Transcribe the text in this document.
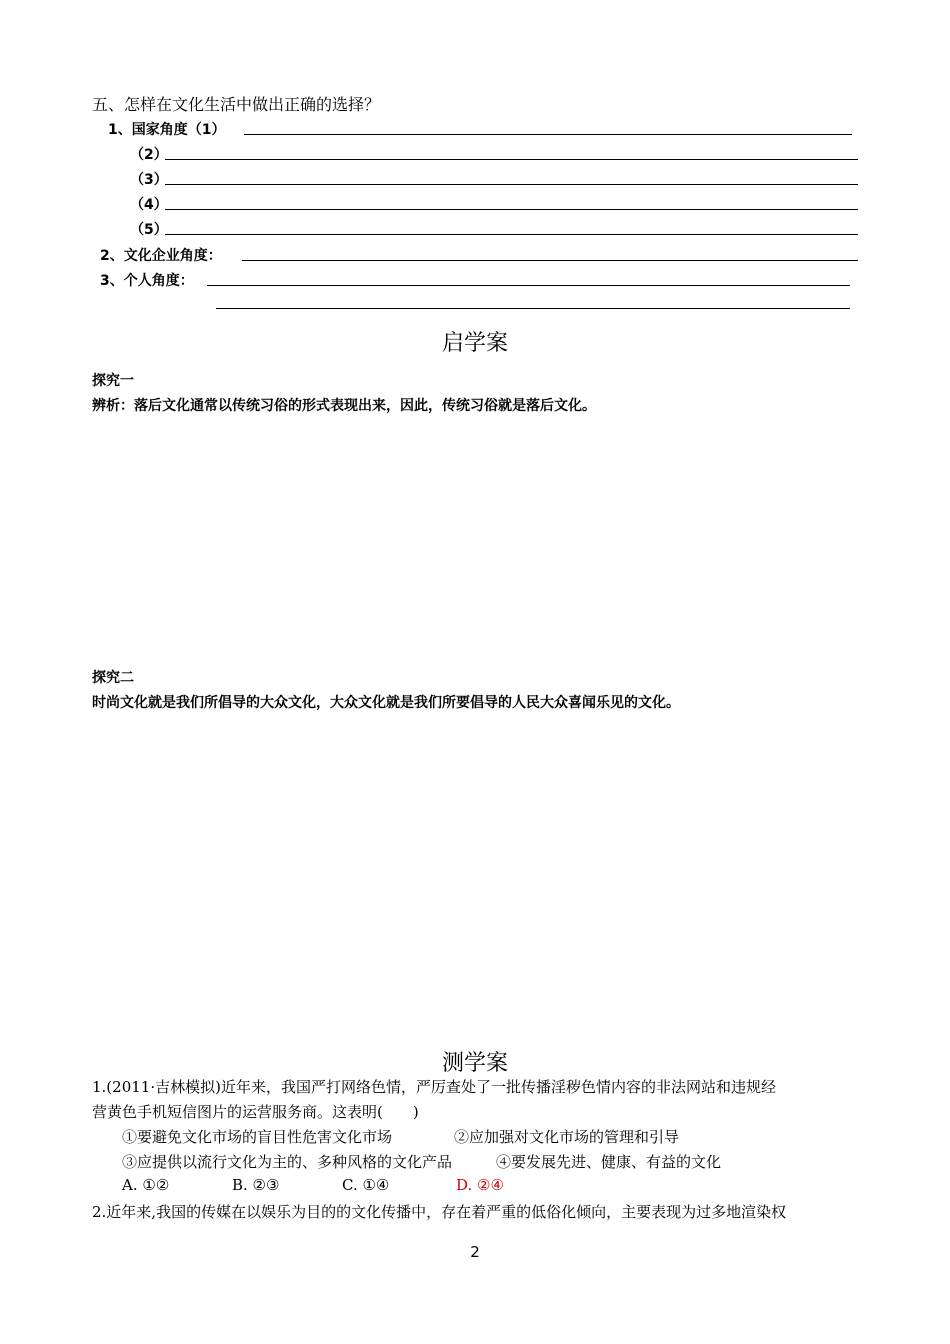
五、怎样在文化生活中做出正确的选择？
1、国家角度（1）
（2）
（3）
（4）
（5）
2、文化企业角度：
3、个人角度：
启学案
探究一
辨析：落后文化通常以传统习俗的形式表现出来，因此，传统习俗就是落后文化。
探究二
时尚文化就是我们所倡导的大众文化，大众文化就是我们所要倡导的人民大众喜闻乐见的文化。
测学案
1.(2011·吉林模拟)近年来，我国严打网络色情，严厉查处了一批传播淫秽色情内容的非法网站和违规经
营黄色手机短信图片的运营服务商。这表明(　　)
①要避免文化市场的盲目性危害文化市场	②应加强对文化市场的管理和引导
③应提供以流行文化为主的、多种风格的文化产品	④要发展先进、健康、有益的文化
A. ①②	B. ②③	C. ①④	D. ②④
2.近年来,我国的传媒在以娱乐为目的的文化传播中，存在着严重的低俗化倾向，主要表现为过多地渲染权
2
